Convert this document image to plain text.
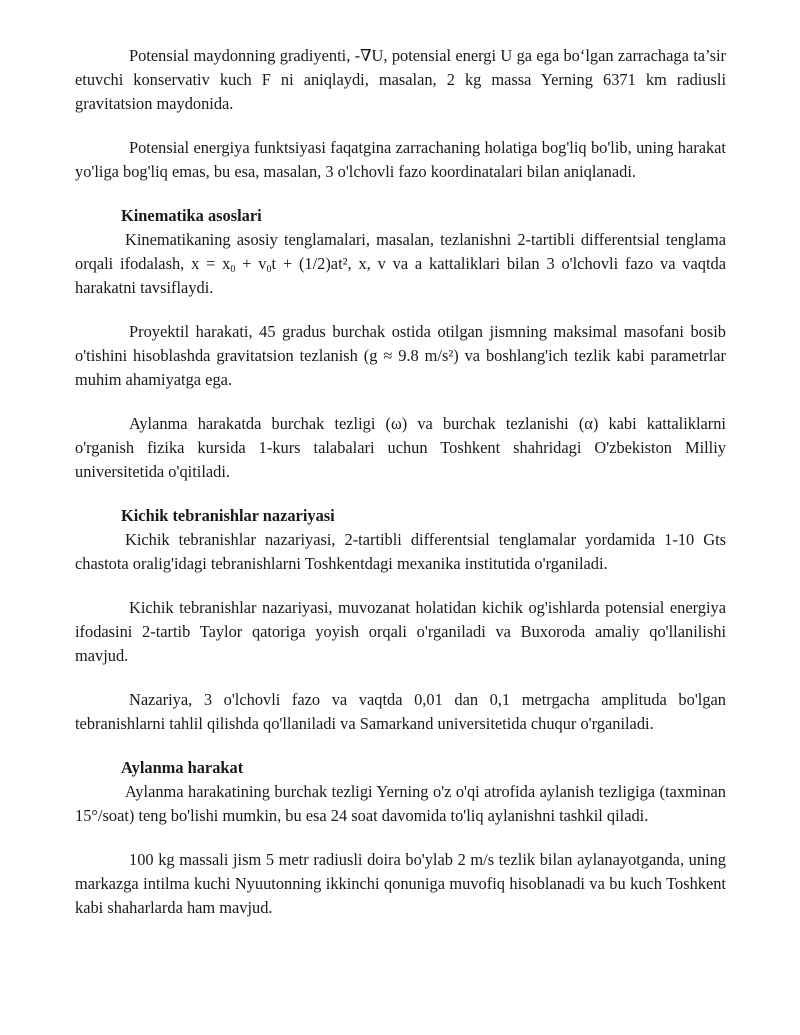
Potensial maydonning gradiyenti, -∇U, potensial energi U ga ega bo‘lgan zarrachaga ta’sir etuvchi konservativ kuch F ni aniqlaydi, masalan, 2 kg massa Yerning 6371 km radiusli gravitatsion maydonida.

Potensial energiya funktsiyasi faqatgina zarrachaning holatiga bog'liq bo'lib, uning harakat yo'liga bog'liq emas, bu esa, masalan, 3 o'lchovli fazo koordinatalari bilan aniqlanadi.

Kinematika asoslari

Kinematikaning asosiy tenglamalari, masalan, tezlanishni 2-tartibli differentsial tenglama orqali ifodalash, $x = x_0 + v_0t + (1/2)at^2$, x, v va a kattaliklari bilan 3 o'lchovli fazo va vaqtda harakatni tavsiflaydi.

Proyektil harakati, 45 gradus burchak ostida otilgan jismning maksimal masofani bosib o'tishini hisoblashda gravitatsion tezlanish (g ≈ 9.8 m/s²) va boshlang'ich tezlik kabi parametrlar muhim ahamiyatga ega.

Aylanma harakatda burchak tezligi (ω) va burchak tezlanishi (α) kabi kattaliklarni o'rganish fizika kursida 1-kurs talabalari uchun Toshkent shahridagi O'zbekiston Milliy universitetida o'qitiladi.

Kichik tebranishlar nazariyasi

Kichik tebranishlar nazariyasi, 2-tartibli differentsial tenglamalar yordamida 1-10 Gts chastota oralig'idagi tebranishlarni Toshkentdagi mexanika institutida o'rganiladi.

Kichik tebranishlar nazariyasi, muvozanat holatidan kichik og'ishlarda potensial energiya ifodasini 2-tartib Taylor qatoriga yoyish orqali o'rganiladi va Buxoroda amaliy qo'llanilishi mavjud.

Nazariya, 3 o'lchovli fazo va vaqtda 0,01 dan 0,1 metrgacha amplituda bo'lgan tebranishlarni tahlil qilishda qo'llaniladi va Samarkand universitetida chuqur o'rganiladi.

Aylanma harakat

Aylanma harakatining burchak tezligi Yerning o'z o'qi atrofida aylanish tezligiga (taxminan 15°/soat) teng bo'lishi mumkin, bu esa 24 soat davomida to'liq aylanishni tashkil qiladi.

100 kg massali jism 5 metr radiusli doira bo'ylab 2 m/s tezlik bilan aylanayotganda, uning markazga intilma kuchi Nyuutonning ikkinchi qonuniga muvofiq hisoblanadi va bu kuch Toshkent kabi shaharlarda ham mavjud.
